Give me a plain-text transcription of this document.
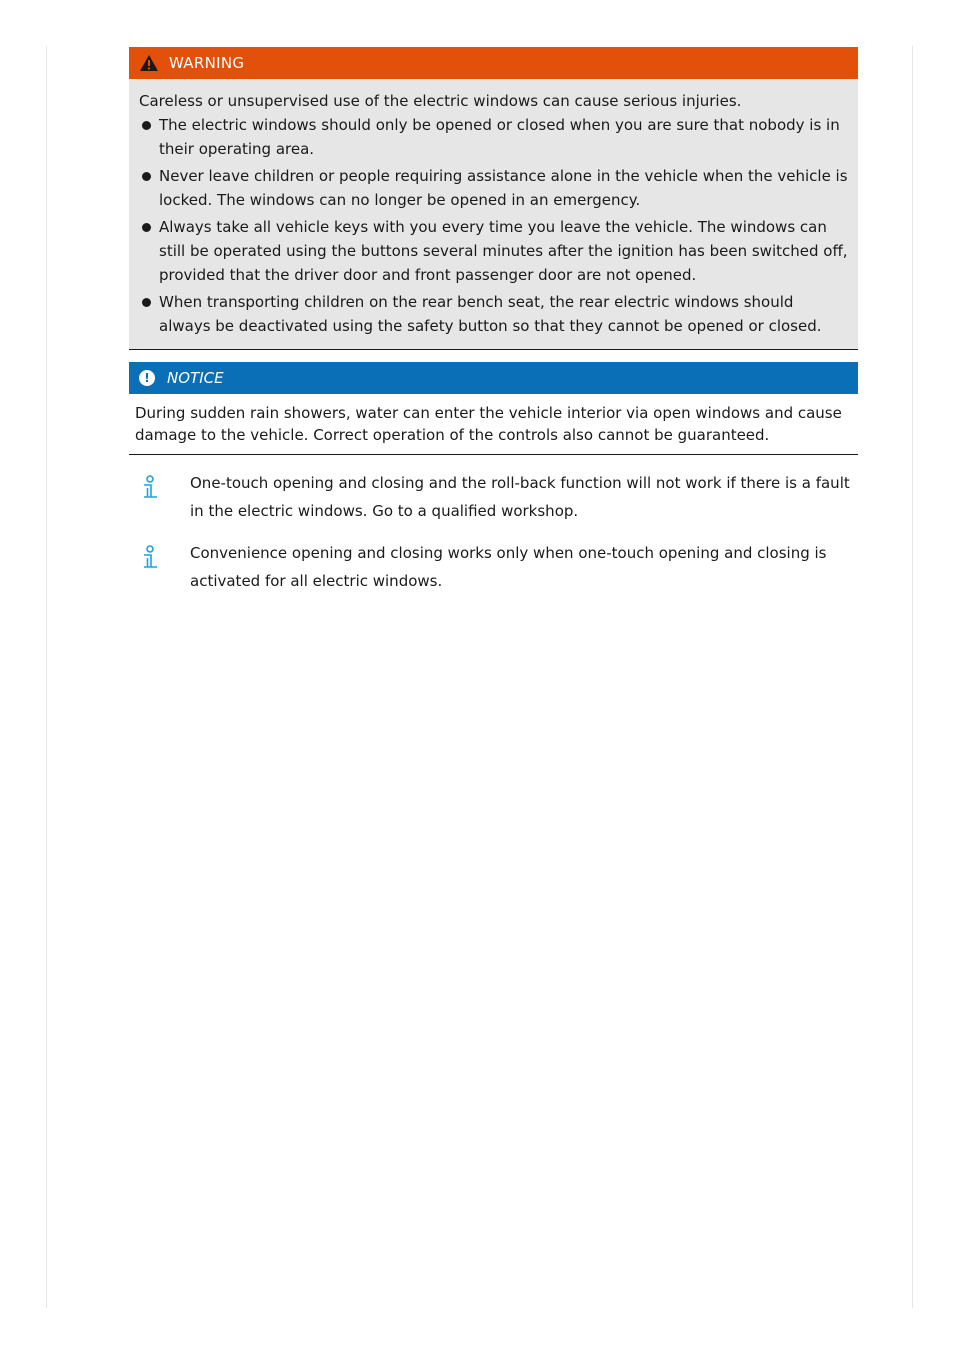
WARNING

Careless or unsupervised use of the electric windows can cause serious injuries.

The electric windows should only be opened or closed when you are sure that nobody is in their operating area.
Never leave children or people requiring assistance alone in the vehicle when the vehicle is locked. The windows can no longer be opened in an emergency.
Always take all vehicle keys with you every time you leave the vehicle. The windows can still be operated using the buttons several minutes after the ignition has been switched off, provided that the driver door and front passenger door are not opened.
When transporting children on the rear bench seat, the rear electric windows should always be deactivated using the safety button so that they cannot be opened or closed.
!	NOTICE

During sudden rain showers, water can enter the vehicle interior via open windows and cause damage to the vehicle. Correct operation of the controls also cannot be guaranteed.

One-touch opening and closing and the roll-back function will not work if there is a fault in the electric windows. Go to a qualified workshop.

Convenience opening and closing works only when one-touch opening and closing is activated for all electric windows.
